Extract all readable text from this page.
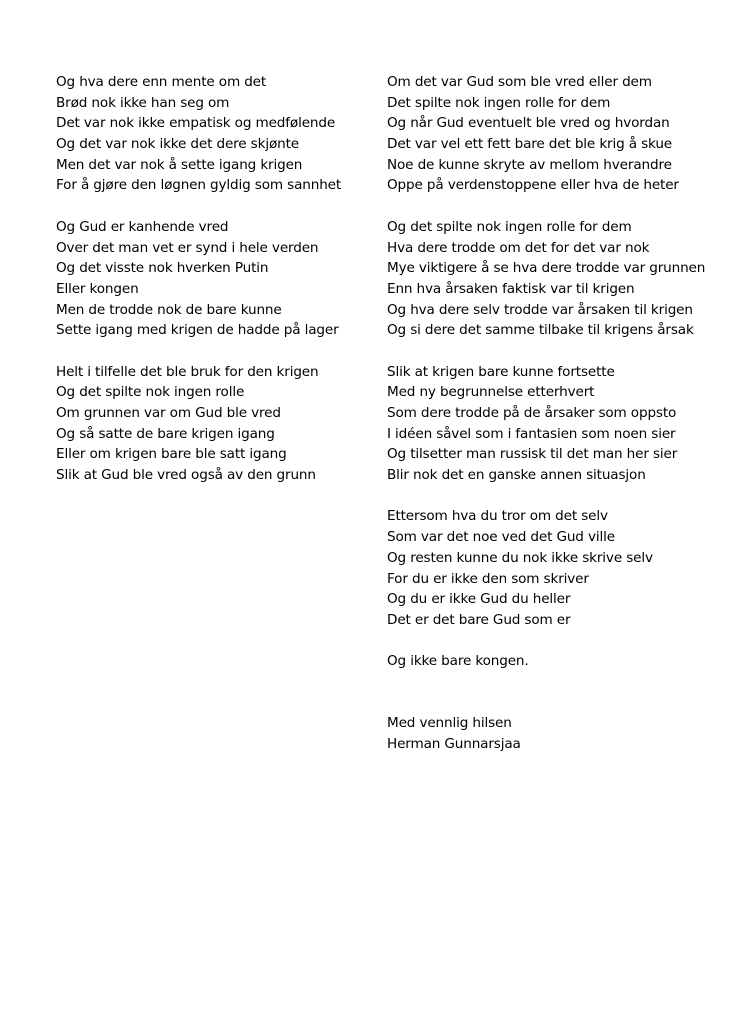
Og hva dere enn mente om det
Brød nok ikke han seg om
Det var nok ikke empatisk og medfølende
Og det var nok ikke det dere skjønte
Men det var nok å sette igang krigen
For å gjøre den løgnen gyldig som sannhet
Og Gud er kanhende vred
Over det man vet er synd i hele verden
Og det visste nok hverken Putin
Eller kongen
Men de trodde nok de bare kunne
Sette igang med krigen de hadde på lager
Helt i tilfelle det ble bruk for den krigen
Og det spilte nok ingen rolle
Om grunnen var om Gud ble vred
Og så satte de bare krigen igang
Eller om krigen bare ble satt igang
Slik at Gud ble vred også av den grunn
Om det var Gud som ble vred eller dem
Det spilte nok ingen rolle for dem
Og når Gud eventuelt ble vred og hvordan
Det var vel ett fett bare det ble krig å skue
Noe de kunne skryte av mellom hverandre
Oppe på verdenstoppene eller hva de heter
Og det spilte nok ingen rolle for dem
Hva dere trodde om det for det var nok
Mye viktigere å se hva dere trodde var grunnen
Enn hva årsaken faktisk var til krigen
Og hva dere selv trodde var årsaken til krigen
Og si dere det samme tilbake til krigens årsak
Slik at krigen bare kunne fortsette
Med ny begrunnelse etterhvert
Som dere trodde på de årsaker som oppsto
I idéen såvel som i fantasien som noen sier
Og tilsetter man russisk til det man her sier
Blir nok det en ganske annen situasjon
Ettersom hva du tror om det selv
Som var det noe ved det Gud ville
Og resten kunne du nok ikke skrive selv
For du er ikke den som skriver
Og du er ikke Gud du heller
Det er det bare Gud som er
Og ikke bare kongen.
Med vennlig hilsen
Herman Gunnarsjaa
